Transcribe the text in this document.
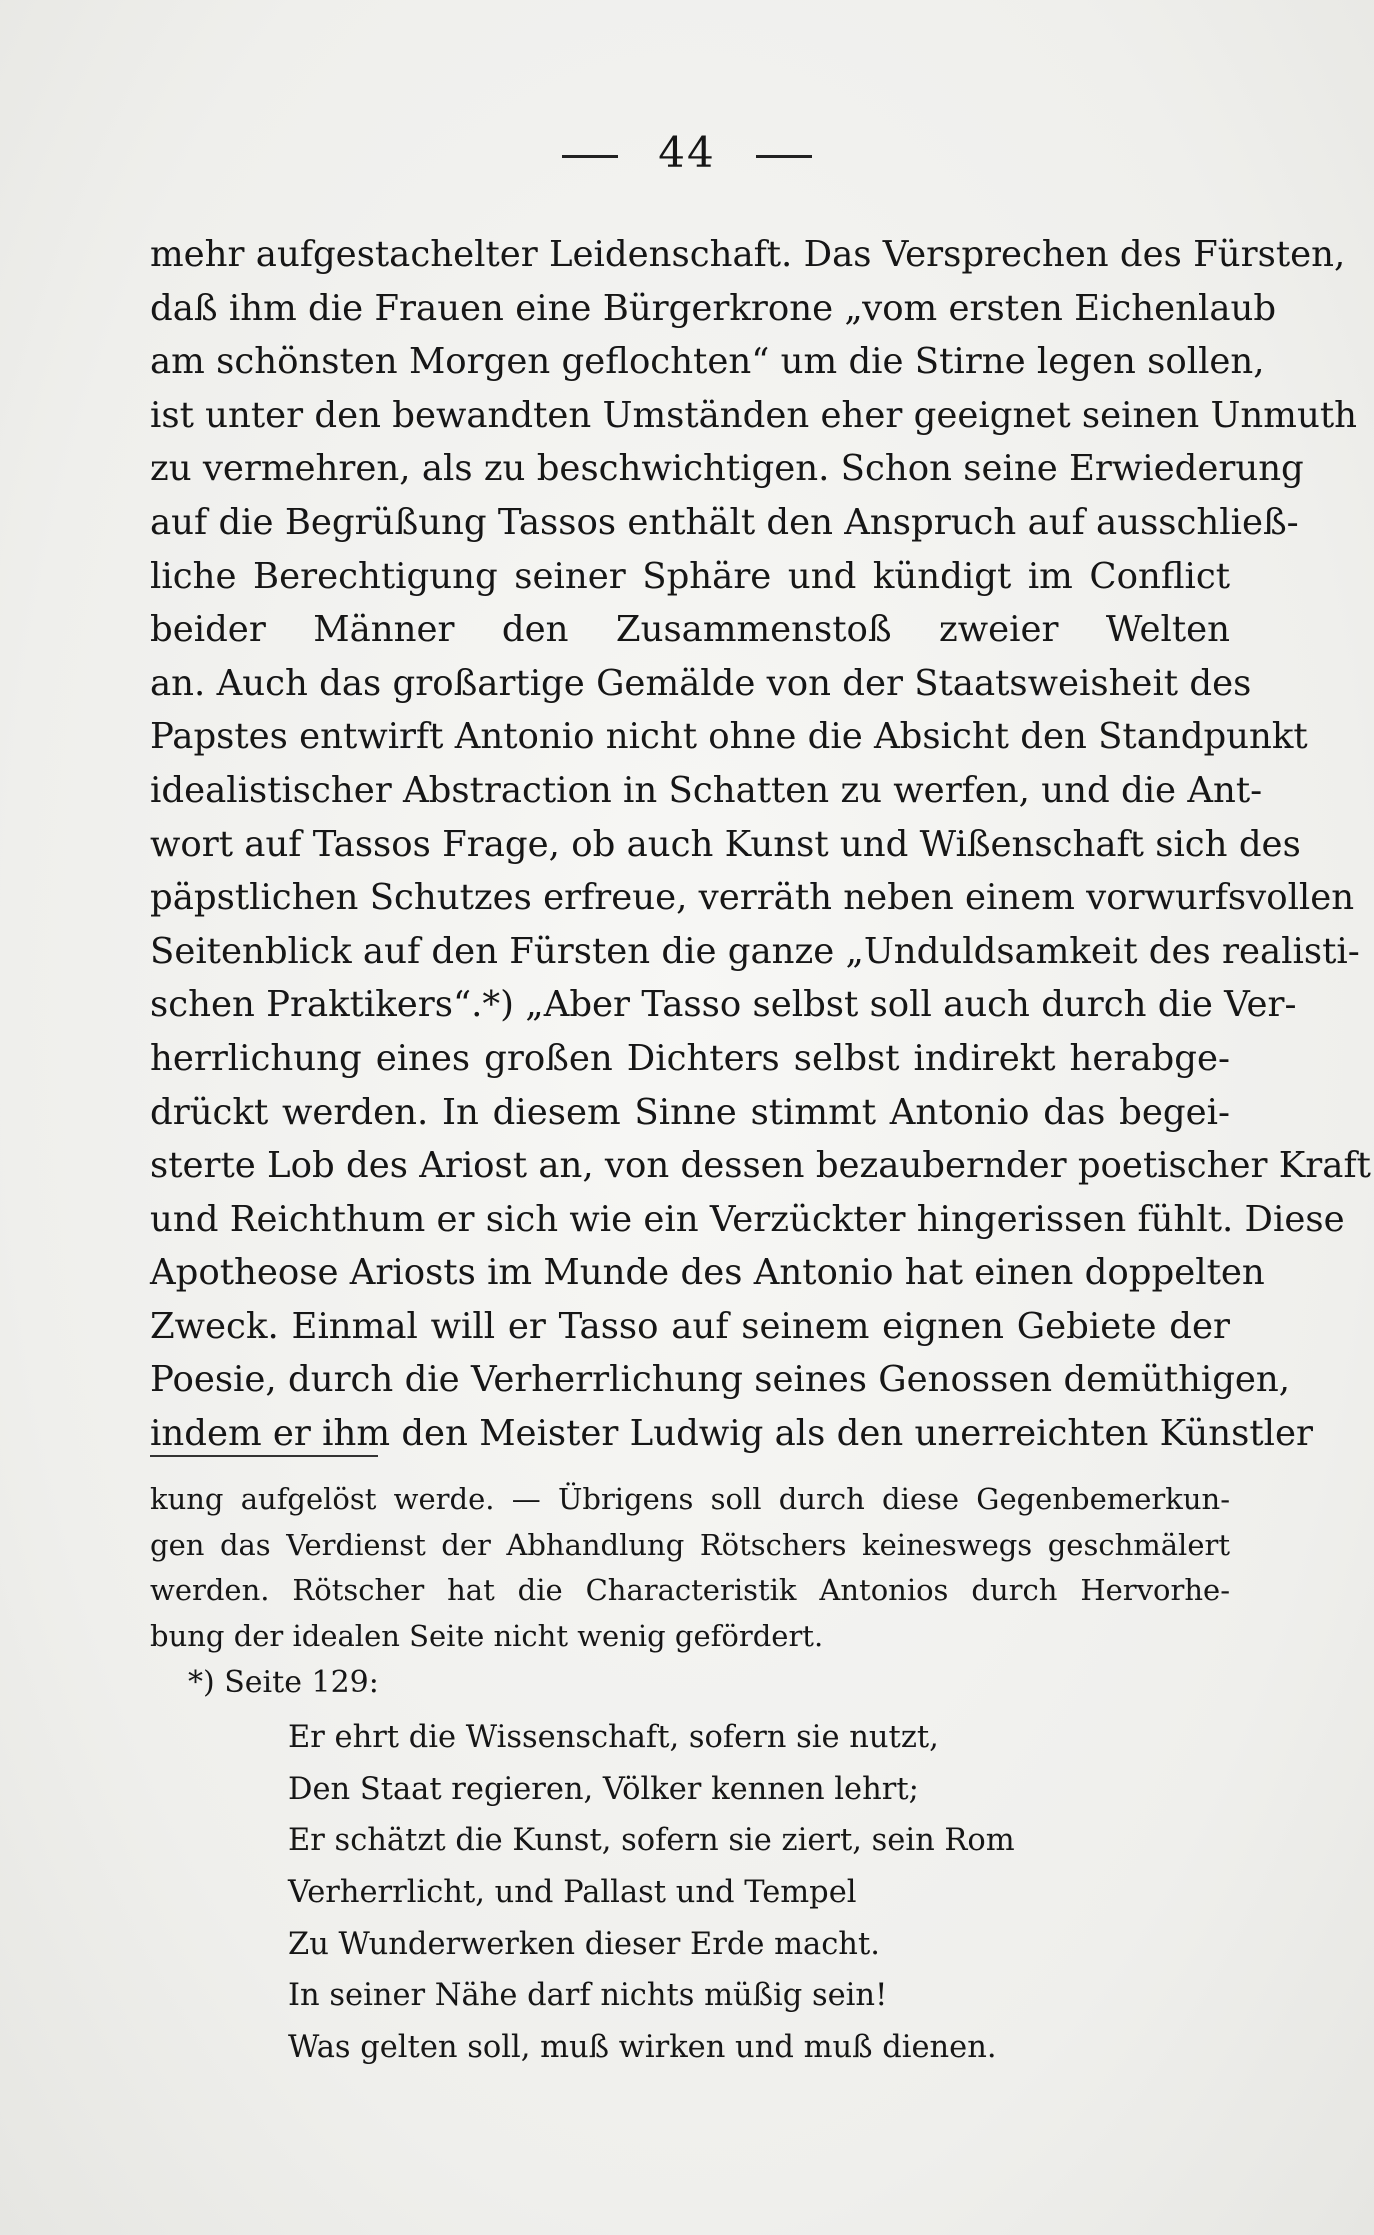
44
mehr aufgestachelter Leidenschaft. Das Versprechen des Fürsten,
daß ihm die Frauen eine Bürgerkrone „vom ersten Eichenlaub
am schönsten Morgen geflochten“ um die Stirne legen sollen,
ist unter den bewandten Umständen eher geeignet seinen Unmuth
zu vermehren, als zu beschwichtigen. Schon seine Erwiederung
auf die Begrüßung Tassos enthält den Anspruch auf ausschließ-
liche Berechtigung seiner Sphäre und kündigt im Conflict
beider Männer den Zusammenstoß zweier Welten
an. Auch das großartige Gemälde von der Staatsweisheit des
Papstes entwirft Antonio nicht ohne die Absicht den Standpunkt
idealistischer Abstraction in Schatten zu werfen, und die Ant-
wort auf Tassos Frage, ob auch Kunst und Wißenschaft sich des
päpstlichen Schutzes erfreue, verräth neben einem vorwurfsvollen
Seitenblick auf den Fürsten die ganze „Unduldsamkeit des realisti-
schen Praktikers“.*) „Aber Tasso selbst soll auch durch die Ver-
herrlichung eines großen Dichters selbst indirekt herabge-
drückt werden. In diesem Sinne stimmt Antonio das begei-
sterte Lob des Ariost an, von dessen bezaubernder poetischer Kraft
und Reichthum er sich wie ein Verzückter hingerissen fühlt. Diese
Apotheose Ariosts im Munde des Antonio hat einen doppelten
Zweck. Einmal will er Tasso auf seinem eignen Gebiete der
Poesie, durch die Verherrlichung seines Genossen demüthigen,
indem er ihm den Meister Ludwig als den unerreichten Künstler
kung aufgelöst werde. — Übrigens soll durch diese Gegenbemerkun-
gen das Verdienst der Abhandlung Rötschers keineswegs geschmälert
werden. Rötscher hat die Characteristik Antonios durch Hervorhe-
bung der idealen Seite nicht wenig gefördert.
*) Seite 129:
Er ehrt die Wissenschaft, sofern sie nutzt,
Den Staat regieren, Völker kennen lehrt;
Er schätzt die Kunst, sofern sie ziert, sein Rom
Verherrlicht, und Pallast und Tempel
Zu Wunderwerken dieser Erde macht.
In seiner Nähe darf nichts müßig sein!
Was gelten soll, muß wirken und muß dienen.
